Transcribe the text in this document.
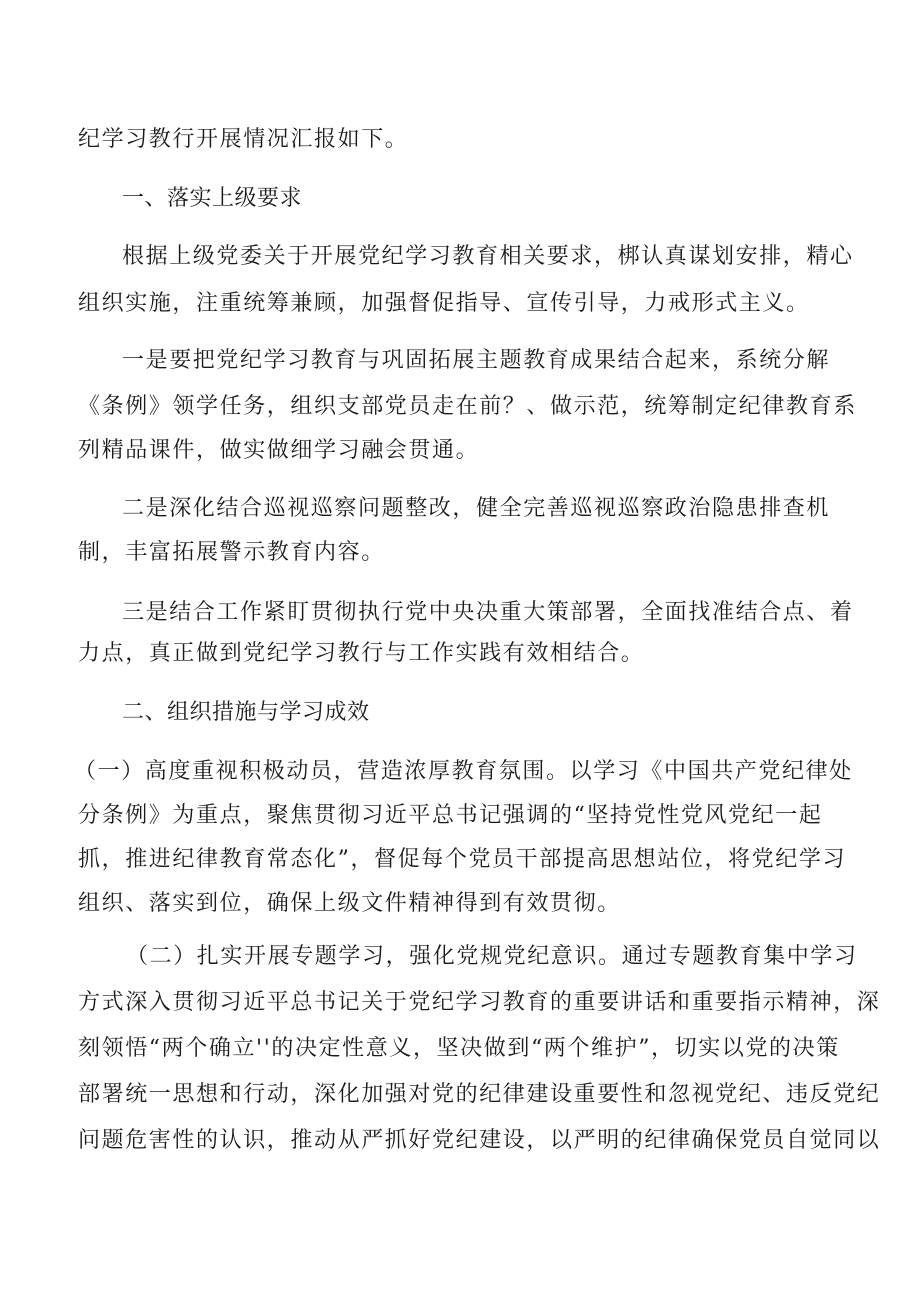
纪学习教行开展情况汇报如下。
一、落实上级要求
根据上级党委关于开展党纪学习教育相关要求，梆认真谋划安排，精心
组织实施，注重统筹兼顾，加强督促指导、宣传引导，力戒形式主义。
一是要把党纪学习教育与巩固拓展主题教育成果结合起来，系统分解
《条例》领学任务，组织支部党员走在前？、做示范，统筹制定纪律教育系
列精品课件，做实做细学习融会贯通。
二是深化结合巡视巡察问题整改，健全完善巡视巡察政治隐患排查机
制，丰富拓展警示教育内容。
三是结合工作紧盯贯彻执行党中央决重大策部署，全面找准结合点、着
力点，真正做到党纪学习教行与工作实践有效相结合。
二、组织措施与学习成效
（一）高度重视积极动员，营造浓厚教育氛围。以学习《中国共产党纪律处
分条例》为重点，聚焦贯彻习近平总书记强调的“坚持党性党风党纪一起
抓，推进纪律教育常态化”，督促每个党员干部提高思想站位，将党纪学习
组织、落实到位，确保上级文件精神得到有效贯彻。
（二）扎实开展专题学习，强化党规党纪意识。通过专题教育集中学习
方式深入贯彻习近平总书记关于党纪学习教育的重要讲话和重要指示精神，深
刻领悟“两个确立''的决定性意义，坚决做到“两个维护”，切实以党的决策
部署统一思想和行动，深化加强对党的纪律建设重要性和忽视党纪、违反党纪
问题危害性的认识，推动从严抓好党纪建设，以严明的纪律确保党员自觉同以
